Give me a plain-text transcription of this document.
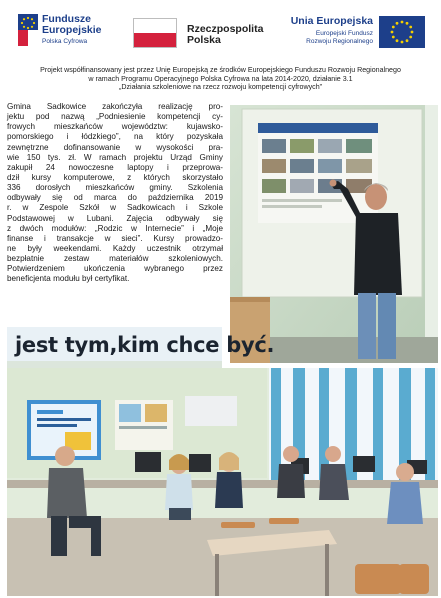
Fundusze
Europejskie
Polska Cyfrowa
Rzeczpospolita
Polska
Unia Europejska
Europejski Fundusz
Rozwoju Regionalnego
Projekt współfinansowany jest przez Unię Europejską ze środków Europejskiego Funduszu Rozwoju Regionalnego
w ramach Programu Operacyjnego Polska Cyfrowa na lata 2014-2020, działanie 3.1
„Działania szkoleniowe na rzecz rozwoju kompetencji cyfrowych”
Gmina Sadkowice zakończyła realizację pro-
jektu pod nazwą „Podniesienie kompetencji cy-
frowych mieszkańców województw: kujawsko-
pomorskiego i łódzkiego”, na który pozyskała
zewnętrzne dofinansowanie w wysokości pra-
wie 150 tys. zł. W ramach projektu Urząd Gminy
zakupił 24 nowoczesne laptopy i przeprowa-
dził kursy komputerowe, z których skorzystało
336 dorosłych mieszkańców gminy. Szkolenia
odbywały się od marca do października 2019
r. w Zespole Szkół w Sadkowicach i Szkole
Podstawowej w Lubani. Zajęcia odbywały się
z dwóch modułów: „Rodzic w Internecie” i „Moje
finanse i transakcje w sieci”. Kursy prowadzo-
ne były weekendami. Każdy uczestnik otrzymał
bezpłatnie zestaw materiałów szkoleniowych.
Potwierdzeniem ukończenia wybranego przez
beneficjenta modułu był certyfikat.
jest tym,kim chce być.
